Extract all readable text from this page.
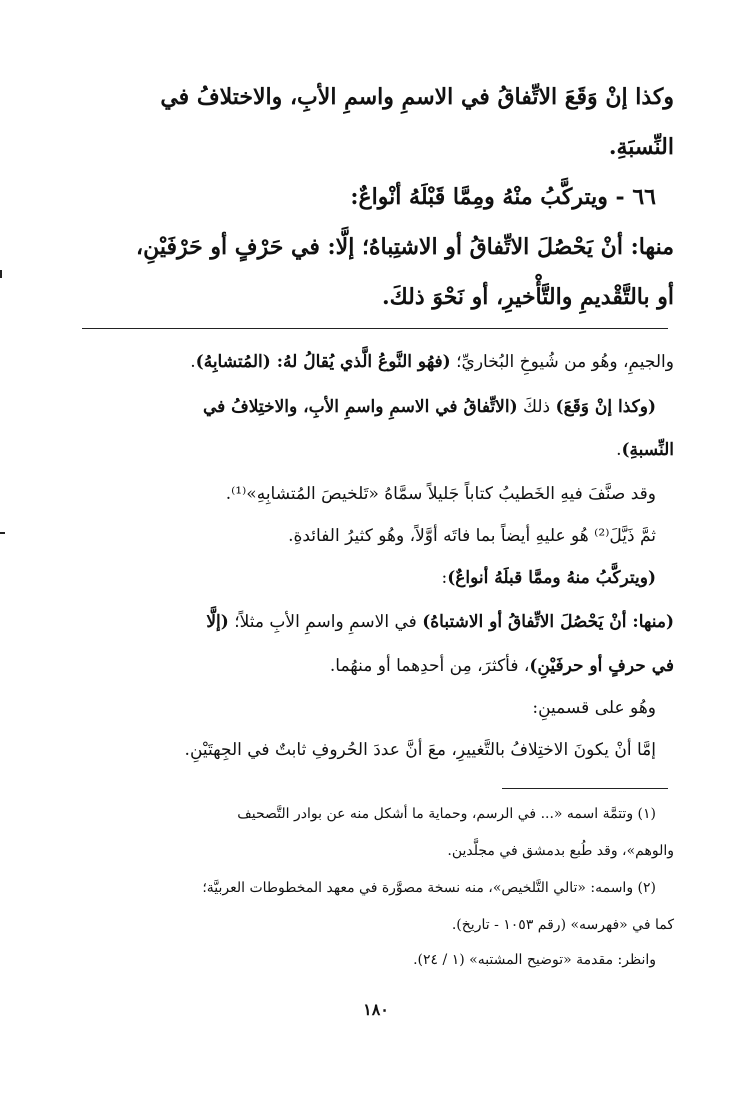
وكذا إنْ وَقَعَ الاتِّفاقُ في الاسمِ واسمِ الأبِ، والاختلافُ في
النِّسبَةِ.
٦٦ - ويتركَّبُ منْهُ ومِمَّا قَبْلَهُ أنْواعٌ:
منها: أنْ يَحْصُلَ الاتِّفاقُ أو الاشتِباهُ؛ إلَّا: في حَرْفٍ أو حَرْفَيْنِ،
أو بالتَّقْديمِ والتَّأْخيرِ، أو نَحْوَ ذلكَ.
والجيمِ، وهُو من شُيوخِ البُخاريِّ؛ (فهُو النَّوعُ الَّذي يُقالُ لهُ: (المُتشابِهُ).
(وكذا إنْ وَقَعَ) ذلكَ (الاتِّفاقُ في الاسمِ واسمِ الأبِ، والاختِلافُ في
النِّسبةِ).
وقد صنَّفَ فيهِ الخَطيبُ كتاباً جَليلاً سمَّاهُ «تَلخيصَ المُتشابِهِ»⁽¹⁾.
ثمَّ ذَيَّلَ⁽²⁾ هُو عليهِ أيضاً بما فاتَه أوَّلاً، وهُو كثيرُ الفائدةِ.
(ويتركَّبُ منهُ وممَّا قبلَهُ أنواعٌ):
(منها: أنْ يَحْصُلَ الاتِّفاقُ أو الاشتباهُ) في الاسمِ واسمِ الأبِ مثلاً؛ (إلَّا
في حرفٍ أو حرفَيْنِ)، فأكثرَ، مِن أحدِهما أو منهُما.
وهُو على قسمينِ:
إمَّا أنْ يكونَ الاختِلافُ بالتَّغييرِ، معَ أنَّ عددَ الحُروفِ ثابتٌ في الجِهتَيْنِ.
(١) وتتمَّة اسمه «... في الرسم، وحماية ما أشكل منه عن بوادر التَّصحيف
والوهم»، وقد طُبع بدمشق في مجلَّدين.
(٢) واسمه: «تالي التَّلخيص»، منه نسخة مصوَّرة في معهد المخطوطات العربيَّة؛
كما في «فهرسه» (رقم ١٠٥٣ - تاريخ).
وانظر: مقدمة «توضيح المشتبه» (١ / ٢٤).
١٨٠
